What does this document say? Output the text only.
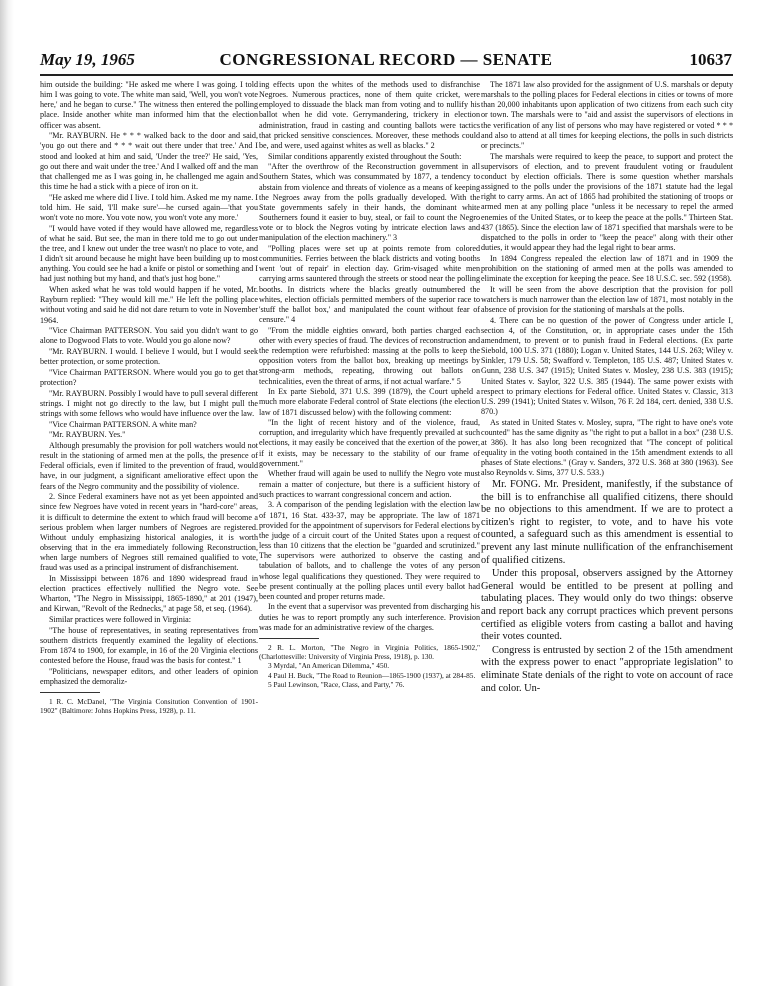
May 19, 1965	CONGRESSIONAL RECORD — SENATE	10637

him outside the building: "He asked me where I was going. I told him I was going to vote. The white man said, 'Well, you won't vote here,' and he began to curse." The witness then entered the polling place. Inside another white man informed him that the election officer was absent.

"Mr. RAYBURN. He * * * walked back to the door and said, 'you go out there and * * * wait out there under that tree.' And I stood and looked at him and said, 'Under the tree?' He said, 'Yes, go out there and wait under the tree.' And I walked off and the man that challenged me as I was going in, he challenged me again and this time he had a stick with a piece of iron on it.

"He asked me where did I live. I told him. Asked me my name. I told him. He said, 'I'll make sure'—he cursed again—'that you won't vote no more. You vote now, you won't vote any more.'

"I would have voted if they would have allowed me, regardless of what he said. But see, the man in there told me to go out under the tree, and I knew out under the tree wasn't no place to vote, and I didn't sit around because he might have been building up to most anything. You could see he had a knife or pistol or something and I had just nothing but my hand, and that's just hog bone."

When asked what he was told would happen if he voted, Mr. Rayburn replied: "They would kill me." He left the polling place without voting and said he did not dare return to vote in November 1964.

"Vice Chairman PATTERSON. You said you didn't want to go alone to Dogwood Flats to vote. Would you go alone now?

"Mr. RAYBURN. I would. I believe I would, but I would seek better protection, or some protection.

"Vice Chairman PATTERSON. Where would you go to get that protection?

"Mr. RAYBURN. Possibly I would have to pull several different strings. I might not go directly to the law, but I might pull the strings with some fellows who would have influence over the law.

"Vice Chairman PATTERSON. A white man?

"Mr. RAYBURN. Yes."

Although presumably the provision for poll watchers would not result in the stationing of armed men at the polls, the presence of Federal officials, even if limited to the prevention of fraud, would have, in our judgment, a significant ameliorative effect upon the fears of the Negro community and the possibility of violence.

2. Since Federal examiners have not as yet been appointed and since few Negroes have voted in recent years in "hard-core" areas, it is difficult to determine the extent to which fraud will become a serious problem when larger numbers of Negroes are registered. Without unduly emphasizing historical analogies, it is worth observing that in the era immediately following Reconstruction, when large numbers of Negroes still remained qualified to vote, fraud was used as a principal instrument of disfranchisement.

In Mississippi between 1876 and 1890 widespread fraud in election practices effectively nullified the Negro vote. See Wharton, "The Negro in Mississippi, 1865-1890," at 201 (1947), and Kirwan, "Revolt of the Rednecks," at page 58, et seq. (1964).

Similar practices were followed in Virginia:

"The house of representatives, in seating representatives from southern districts frequently examined the legality of elections. From 1874 to 1900, for example, in 16 of the 20 Virginia elections contested before the House, fraud was the basis for contest." 1

"Politicians, newspaper editors, and other leaders of opinion emphasized the demoraliz-

1 R. C. McDanel, "The Virginia Consitution Convention of 1901-1902" (Baltimore: Johns Hopkins Press, 1928), p. 11.

ing effects upon the whites of the methods used to disfranchise Negroes. Numerous practices, none of them quite cricket, were employed to dissuade the black man from voting and to nullify his ballot when he did vote. Gerrymandering, trickery in election administration, fraud in casting and counting ballots were tactics that pricked sensitive consciences. Moreover, these methods could be, and were, used against whites as well as blacks." 2

Similar conditions apparently existed throughout the South:

"After the overthrow of the Reconstruction government in all Southern States, which was consummated by 1877, a tendency to abstain from violence and threats of violence as a means of keeping the Negroes away from the polls gradually developed. With the State governments safely in their hands, the dominant white Southerners found it easier to buy, steal, or fail to count the Negro vote or to block the Negros voting by intricate election laws and manipulation of the election machinery." 3

"Polling places were set up at points remote from colored communities. Ferries between the black districts and voting booths went 'out of repair' in election day. Grim-visaged white men carrying arms sauntered through the streets or stood near the polling booths. In districts where the blacks greatly outnumbered the whites, election officials permitted members of the superior race to 'stuff the ballot box,' and manipulated the count without fear of censure." 4

"From the middle eighties onward, both parties charged each other with every species of fraud. The devices of reconstruction and the redemption were refurbished: massing at the polls to keep the opposition voters from the ballot box, breaking up meetings by strong-arm methods, repeating, throwing out ballots on technicalities, even the threat of arms, if not actual warfare." 5

In Ex parte Siebold, 371 U.S. 399 (1879), the Court upheld a much more elaborate Federal control of State elections (the election law of 1871 discussed below) with the following comment:

"In the light of recent history and of the violence, fraud, corruption, and irregularity which have frequently prevailed at such elections, it may easily be conceived that the exertion of the power, if it exists, may be necessary to the stability of our frame of government."

Whether fraud will again be used to nullify the Negro vote must remain a matter of conjecture, but there is a sufficient history of such practices to warrant congressional concern and action.

3. A comparison of the pending legislation with the election law of 1871, 16 Stat. 433-37, may be appropriate. The law of 1871 provided for the appointment of supervisors for Federal elections by the judge of a circuit court of the United States upon a request of less than 10 citizens that the election be "guarded and scrutinized." The supervisors were authorized to observe the casting and tabulation of ballots, and to challenge the votes of any person whose legal qualifications they questioned. They were required to be present continually at the polling places until every ballot had been counted and proper returns made.

In the event that a supervisor was prevented from discharging his duties he was to report promptly any such interference. Provision was made for an administrative review of the charges.

2 R. L. Morton, "The Negro in Virginia Politics, 1865-1902," (Charlottesville: University of Virginia Press, 1918), p. 130.

3 Myrdal, "An American Dilemma," 450.

4 Paul H. Buck, "The Road to Reunion—1865-1900 (1937), at 284-85.

5 Paul Lewinson, "Race, Class, and Party," 76.

The 1871 law also provided for the assignment of U.S. marshals or deputy marshals to the polling places for Federal elections in cities or towns of more than 20,000 inhabitants upon application of two citizens from each such city or town. The marshals were to "aid and assist the supervisors of elections in the verification of any list of persons who may have registered or voted * * * and also to attend at all times for keeping elections, the polls in such districts or precincts."

The marshals were required to keep the peace, to support and protect the supervisors of election, and to prevent fraudulent voting or fraudulent conduct by election officials. There is some question whether marshals assigned to the polls under the provisions of the 1871 statute had the legal right to carry arms. An act of 1865 had prohibited the stationing of troops or armed men at any polling place "unless it be necessary to repel the armed enemies of the United States, or to keep the peace at the polls." Thirteen Stat. 437 (1865). Since the election law of 1871 specified that marshals were to be dispatched to the polls in order to "keep the peace" along with their other duties, it would appear they had the legal right to bear arms.

In 1894 Congress repealed the election law of 1871 and in 1909 the prohibition on the stationing of armed men at the polls was amended to eliminate the exception for keeping the peace. See 18 U.S.C. sec. 592 (1958).

It will be seen from the above description that the provision for poll watchers is much narrower than the election law of 1871, most notably in the absence of provision for the stationing of marshals at the polls.

4. There can be no question of the power of Congress under article I, section 4, of the Constitution, or, in appropriate cases under the 15th amendment, to prevent or to punish fraud in Federal elections. (Ex parte Siebold, 100 U.S. 371 (1880); Logan v. United States, 144 U.S. 263; Wiley v. Sinkler, 179 U.S. 58; Swafford v. Templeton, 185 U.S. 487; United States v. Gunn, 238 U.S. 347 (1915); United States v. Mosley, 238 U.S. 383 (1915); United States v. Saylor, 322 U.S. 385 (1944). The same power exists with respect to primary elections for Federal office. United States v. Classic, 313 U.S. 299 (1941); United States v. Wilson, 76 F. 2d 184, cert. denied, 338 U.S. 870.)

As stated in United States v. Mosley, supra, "The right to have one's vote counted" has the same dignity as "the right to put a ballot in a box" (238 U.S. at 386). It has also long been recognized that "The concept of political equality in the voting booth contained in the 15th amendment extends to all phases of State elections." (Gray v. Sanders, 372 U.S. 368 at 380 (1963). See also Reynolds v. Sims, 377 U.S. 533.)

Mr. FONG. Mr. President, manifestly, if the substance of the bill is to enfranchise all qualified citizens, there should be no objections to this amendment. If we are to protect a citizen's right to register, to vote, and to have his vote counted, a safeguard such as this amendment is essential to prevent any last minute nullification of the enfranchisement of qualified citizens.

Under this proposal, observers assigned by the Attorney General would be entitled to be present at polling and tabulating places. They would only do two things: observe and report back any corrupt practices which prevent persons certified as eligible voters from casting a ballot and having their votes counted.

Congress is entrusted by section 2 of the 15th amendment with the express power to enact "appropriate legislation" to eliminate State denials of the right to vote on account of race and color. Un-
